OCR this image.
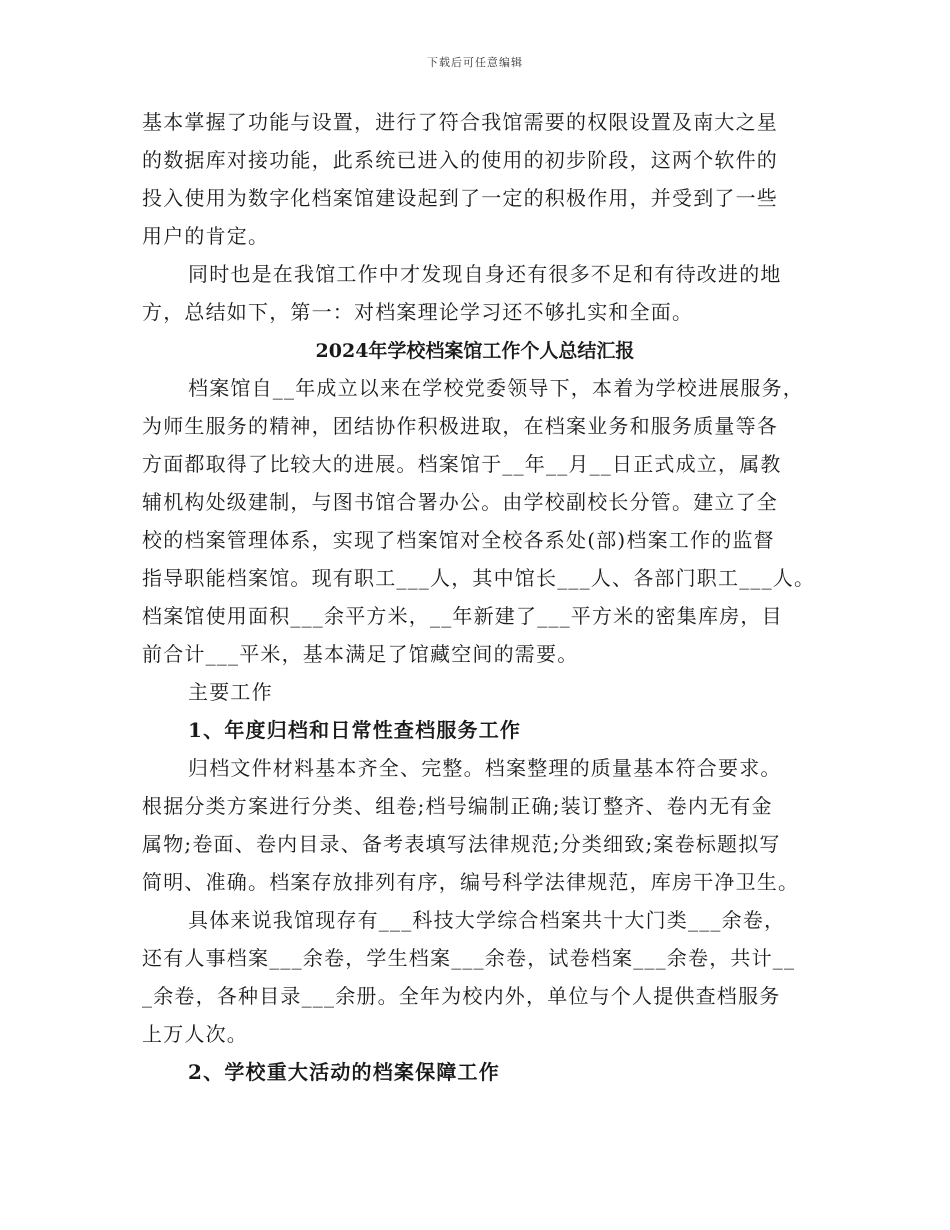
下载后可任意编辑
基本掌握了功能与设置，进行了符合我馆需要的权限设置及南大之星
的数据库对接功能，此系统已进入的使用的初步阶段，这两个软件的
投入使用为数字化档案馆建设起到了一定的积极作用，并受到了一些
用户的肯定。
同时也是在我馆工作中才发现自身还有很多不足和有待改进的地
方，总结如下，第一：对档案理论学习还不够扎实和全面。
2024年学校档案馆工作个人总结汇报
档案馆自__年成立以来在学校党委领导下，本着为学校进展服务，
为师生服务的精神，团结协作积极进取，在档案业务和服务质量等各
方面都取得了比较大的进展。档案馆于__年__月__日正式成立，属教
辅机构处级建制，与图书馆合署办公。由学校副校长分管。建立了全
校的档案管理体系，实现了档案馆对全校各系处(部)档案工作的监督
指导职能档案馆。现有职工___人，其中馆长___人、各部门职工___人。
档案馆使用面积___余平方米，__年新建了___平方米的密集库房，目
前合计___平米，基本满足了馆藏空间的需要。
主要工作
1、年度归档和日常性查档服务工作
归档文件材料基本齐全、完整。档案整理的质量基本符合要求。
根据分类方案进行分类、组卷;档号编制正确;装订整齐、卷内无有金
属物;卷面、卷内目录、备考表填写法律规范;分类细致;案卷标题拟写
简明、准确。档案存放排列有序，编号科学法律规范，库房干净卫生。
具体来说我馆现存有___科技大学综合档案共十大门类___余卷，
还有人事档案___余卷，学生档案___余卷，试卷档案___余卷，共计__
_余卷，各种目录___余册。全年为校内外，单位与个人提供查档服务
上万人次。
2、学校重大活动的档案保障工作
